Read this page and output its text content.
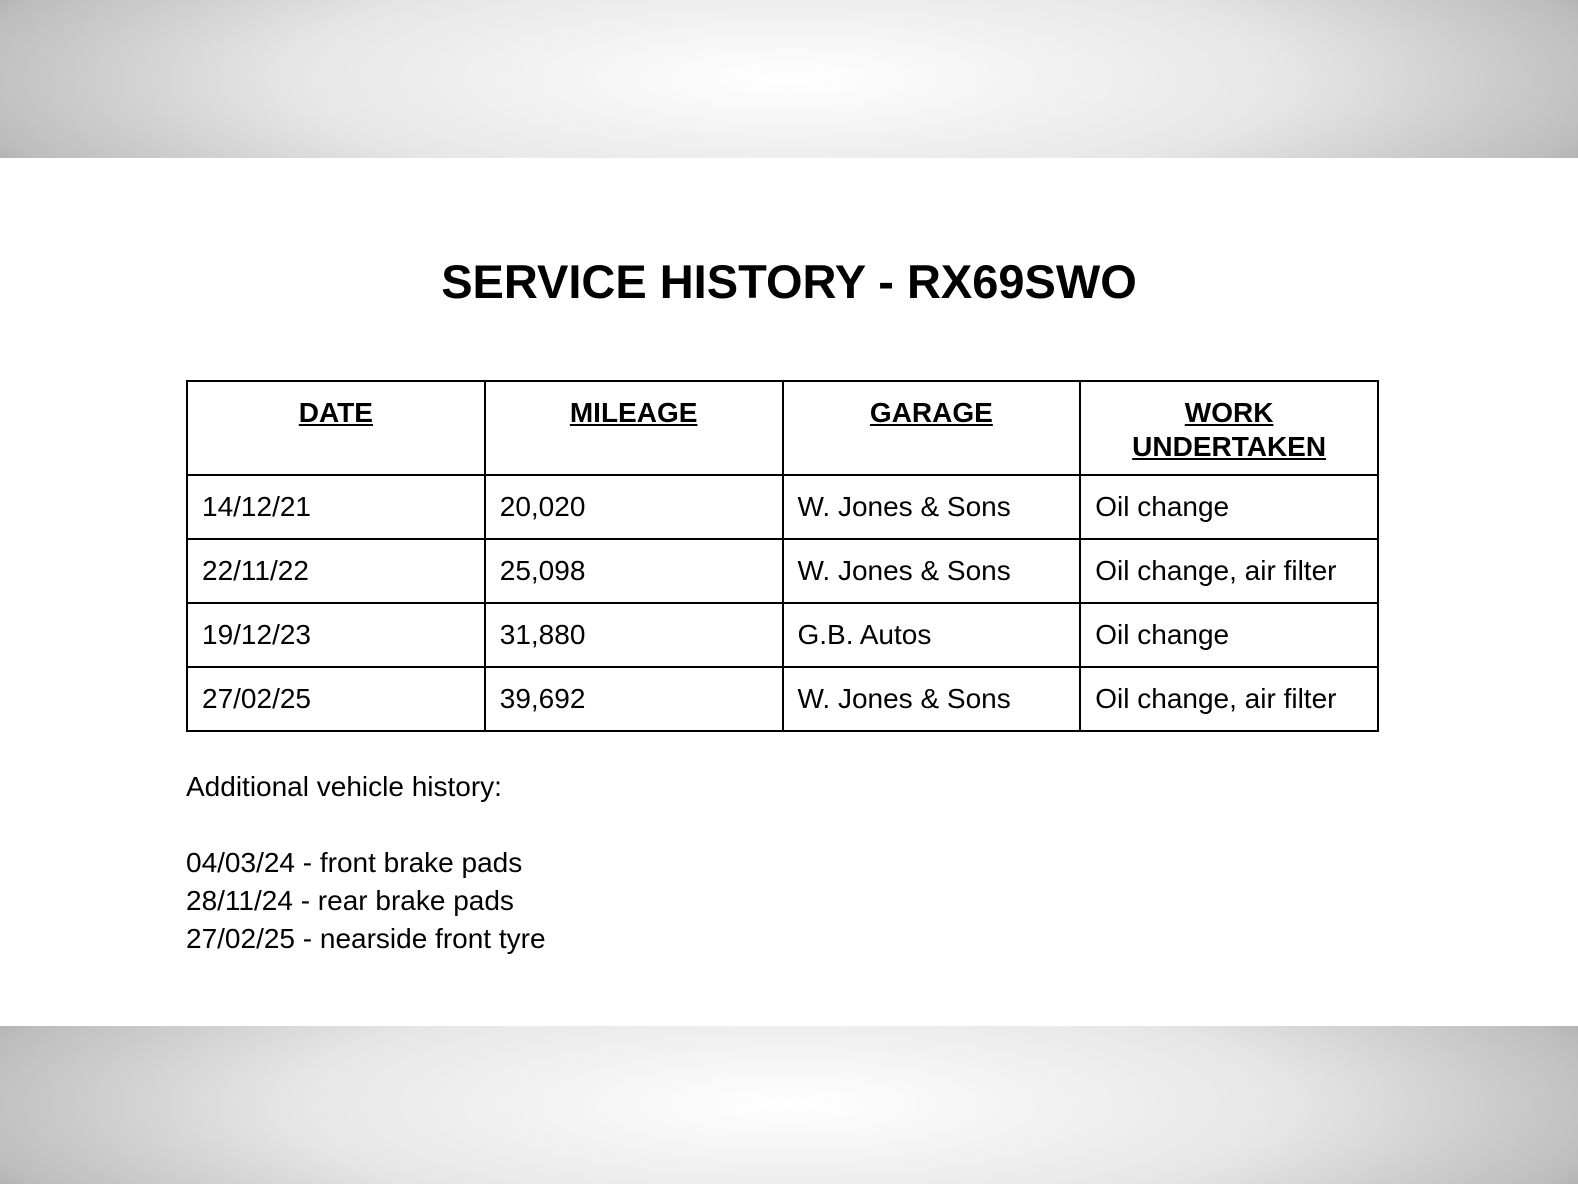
SERVICE HISTORY - RX69SWO
DATE	MILEAGE	GARAGE	WORK UNDERTAKEN
14/12/21	20,020	W. Jones & Sons	Oil change
22/11/22	25,098	W. Jones & Sons	Oil change, air filter
19/12/23	31,880	G.B. Autos	Oil change
27/02/25	39,692	W. Jones & Sons	Oil change, air filter

Additional vehicle history:

04/03/24 - front brake pads

28/11/24 - rear brake pads

27/02/25 - nearside front tyre
